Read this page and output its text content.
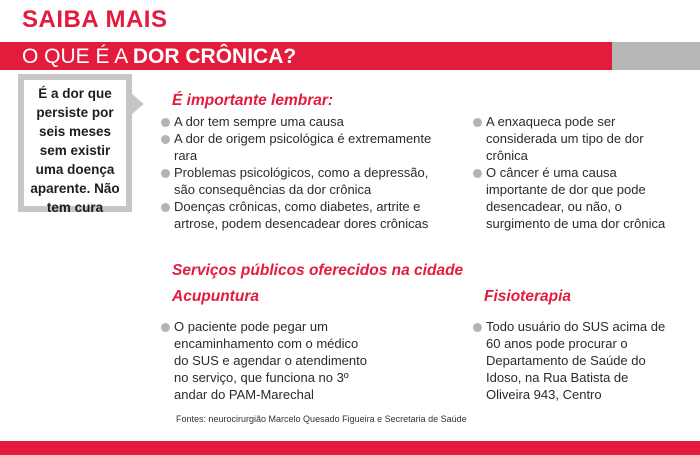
SAIBA MAIS
O QUE É A DOR CRÔNICA?
É a dor que persiste por seis meses sem existir uma doença aparente. Não tem cura
É importante lembrar:
A dor tem sempre uma causa
A dor de origem psicológica é extremamente rara
Problemas psicológicos, como a depressão, são consequências da dor crônica
Doenças crônicas, como diabetes, artrite e artrose, podem desencadear dores crônicas
A enxaqueca pode ser considerada um tipo de dor crônica
O câncer é uma causa importante de dor que pode desencadear, ou não, o surgimento de uma dor crônica
Serviços públicos oferecidos na cidade
Acupuntura	Fisioterapia
O paciente pode pegar um encaminhamento com o médico do SUS e agendar o atendimento no serviço, que funciona no 3º andar do PAM-Marechal
Todo usuário do SUS acima de 60 anos pode procurar o Departamento de Saúde do Idoso, na Rua Batista de Oliveira 943, Centro
Fontes: neurocirurgião Marcelo Quesado Figueira e Secretaria de Saúde
